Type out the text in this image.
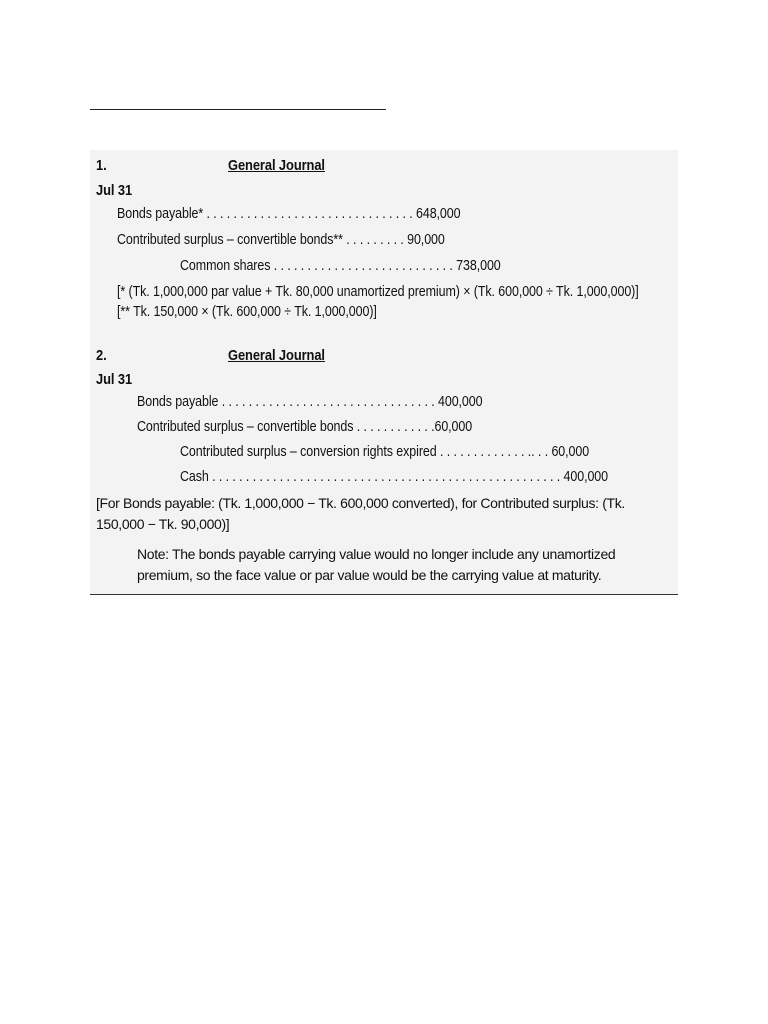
1.	General Journal
Jul 31
Bonds payable* . . . . . . . . . . . . . . . . . . . . . . . . . . . . . . . 648,000
Contributed surplus – convertible bonds** . . . . . . . . . 90,000
Common shares . . . . . . . . . . . . . . . . . . . . . . . . . . . 738,000
[* (Tk. 1,000,000 par value + Tk. 80,000 unamortized premium) × (Tk. 600,000 ÷ Tk. 1,000,000)]
[** Tk. 150,000 × (Tk. 600,000 ÷ Tk. 1,000,000)]
2.	General Journal
Jul 31
Bonds payable . . . . . . . . . . . . . . . . . . . . . . . . . . . . . . . . 400,000
Contributed surplus – convertible bonds . . . . . . . . . . . .60,000
Contributed surplus – conversion rights expired . . . . . . . . . . . . . .. . . 60,000
Cash . . . . . . . . . . . . . . . . . . . . . . . . . . . . . . . . . . . . . . . . . . . . . . . . . . . . 400,000
[For Bonds payable: (Tk. 1,000,000 − Tk. 600,000 converted), for Contributed surplus: (Tk. 150,000 − Tk. 90,000)]
Note: The bonds payable carrying value would no longer include any unamortized premium, so the face value or par value would be the carrying value at maturity.
